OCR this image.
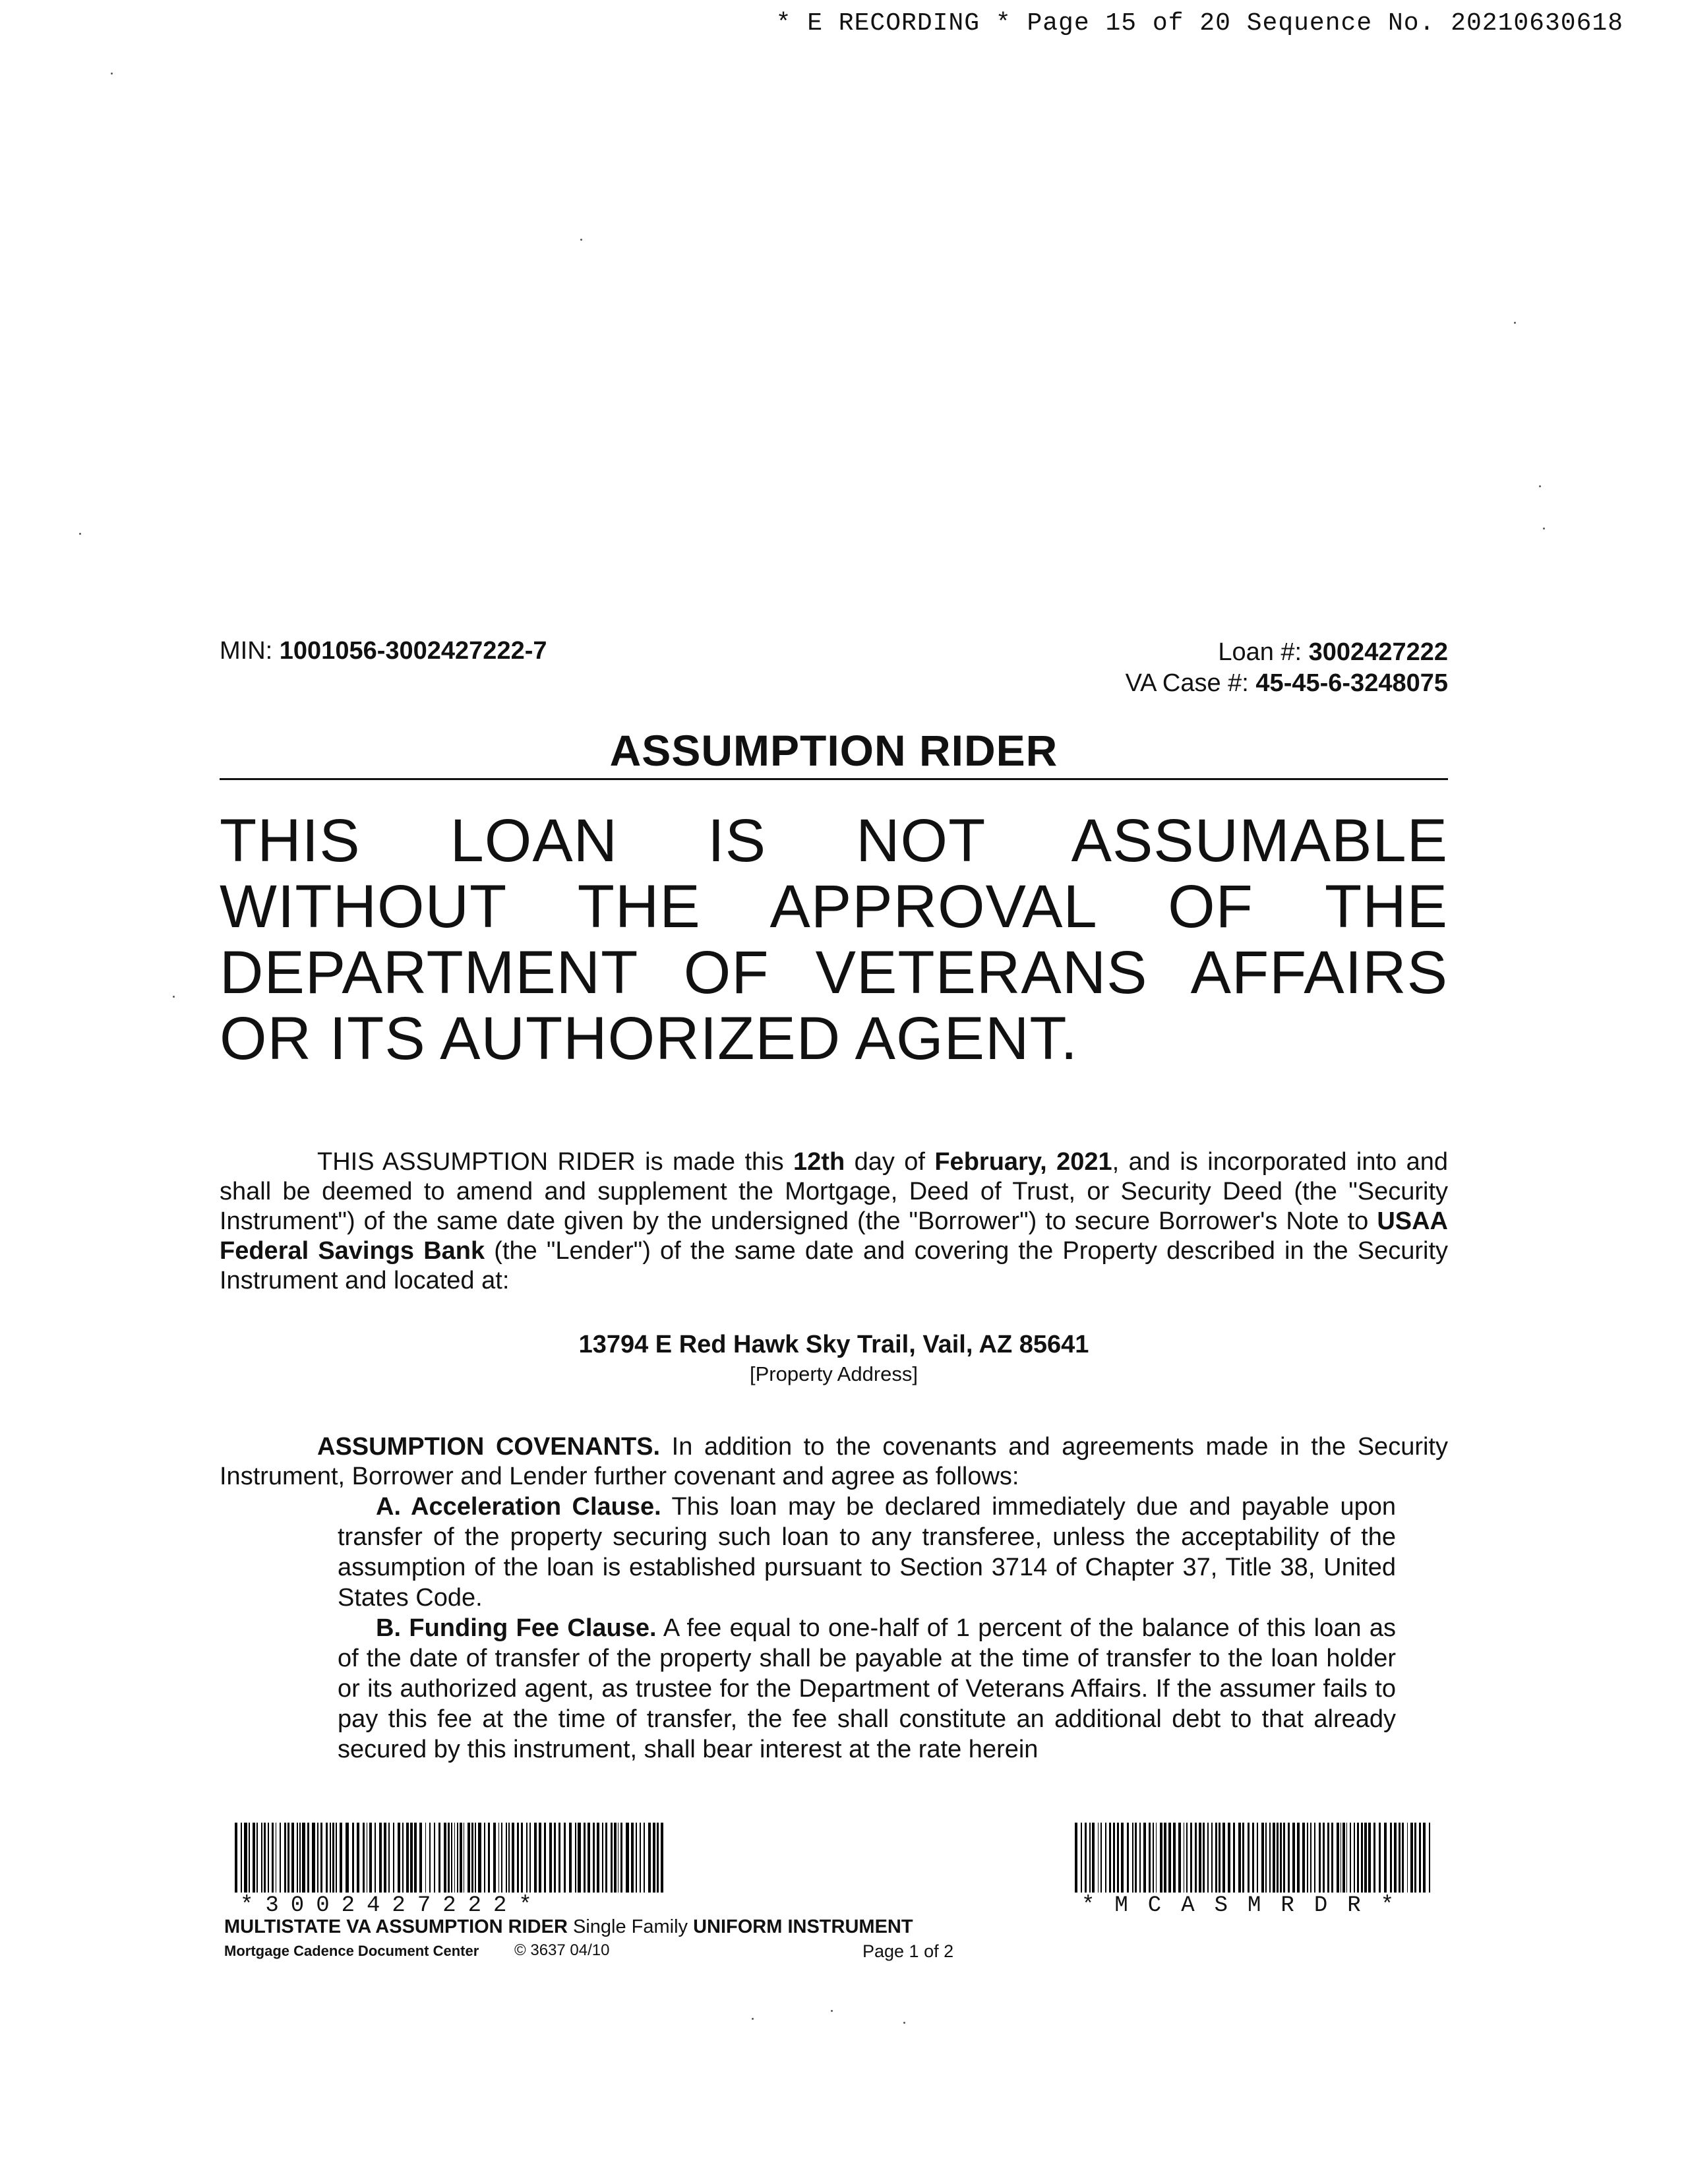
* E RECORDING * Page 15 of 20 Sequence No. 20210630618
MIN: 1001056-3002427222-7	Loan #: 3002427222
VA Case #: 45-45-6-3248075
ASSUMPTION RIDER
THIS LOAN IS NOT ASSUMABLE WITHOUT THE APPROVAL OF THE DEPARTMENT OF VETERANS AFFAIRS OR ITS AUTHORIZED AGENT.

THIS ASSUMPTION RIDER is made this 12th day of February, 2021, and is incorporated into and shall be deemed to amend and supplement the Mortgage, Deed of Trust, or Security Deed (the "Security Instrument") of the same date given by the undersigned (the "Borrower") to secure Borrower's Note to USAA Federal Savings Bank (the "Lender") of the same date and covering the Property described in the Security Instrument and located at:

13794 E Red Hawk Sky Trail, Vail, AZ 85641
[Property Address]

ASSUMPTION COVENANTS. In addition to the covenants and agreements made in the Security Instrument, Borrower and Lender further covenant and agree as follows:

A. Acceleration Clause. This loan may be declared immediately due and payable upon transfer of the property securing such loan to any transferee, unless the acceptability of the assumption of the loan is established pursuant to Section 3714 of Chapter 37, Title 38, United States Code.

B. Funding Fee Clause. A fee equal to one-half of 1 percent of the balance of this loan as of the date of transfer of the property shall be payable at the time of transfer to the loan holder or its authorized agent, as trustee for the Department of Veterans Affairs. If the assumer fails to pay this fee at the time of transfer, the fee shall constitute an additional debt to that already secured by this instrument, shall bear interest at the rate herein

*3002427222*	*MCASMRDR*
MULTISTATE VA ASSUMPTION RIDER Single Family UNIFORM INSTRUMENT
Mortgage Cadence Document Center © 3637 04/10	Page 1 of 2
